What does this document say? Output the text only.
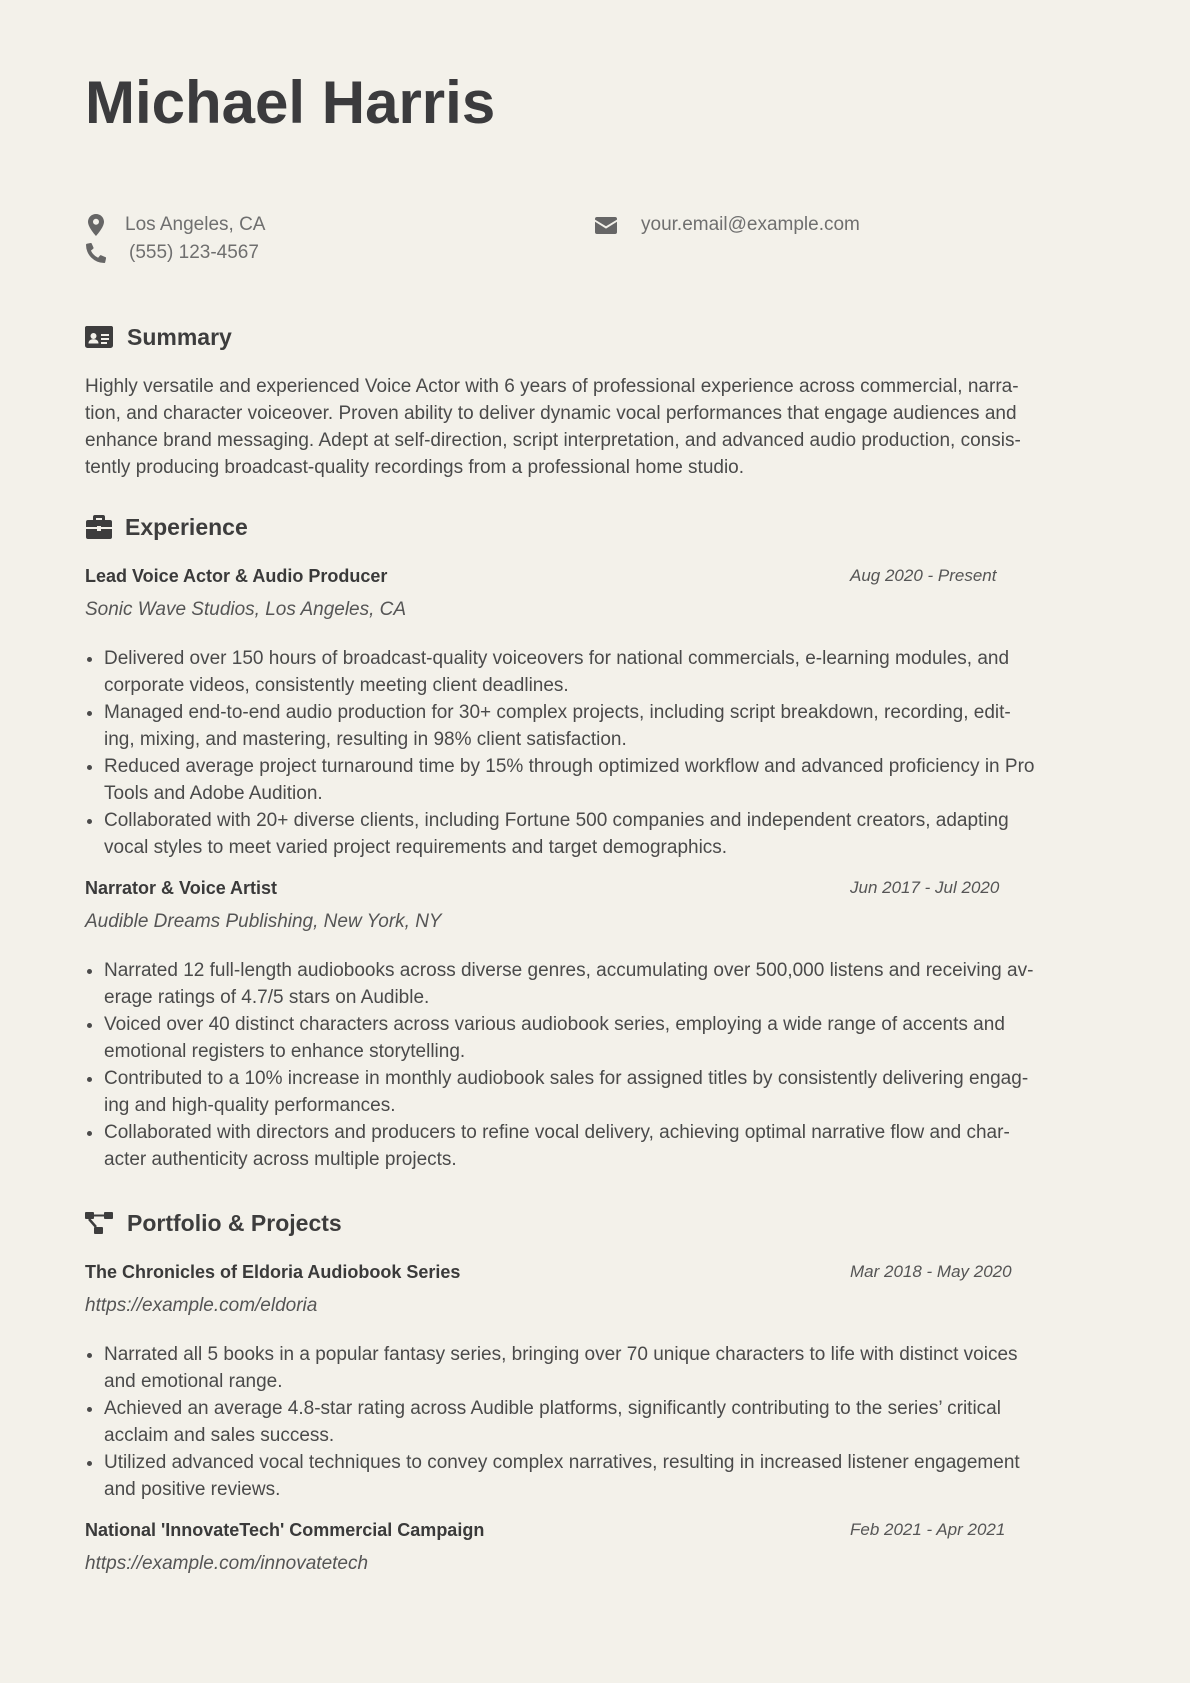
Michael Harris
Los Angeles, CA
(555) 123-4567
your.email@example.com
Summary
Highly versatile and experienced Voice Actor with 6 years of professional experience across commercial, narra-
tion, and character voiceover. Proven ability to deliver dynamic vocal performances that engage audiences and
enhance brand messaging. Adept at self-direction, script interpretation, and advanced audio production, consis-
tently producing broadcast-quality recordings from a professional home studio.
Experience
Lead Voice Actor & Audio Producer	Aug 2020 - Present
Sonic Wave Studios, Los Angeles, CA
Delivered over 150 hours of broadcast-quality voiceovers for national commercials, e-learning modules, and
corporate videos, consistently meeting client deadlines.
Managed end-to-end audio production for 30+ complex projects, including script breakdown, recording, edit-
ing, mixing, and mastering, resulting in 98% client satisfaction.
Reduced average project turnaround time by 15% through optimized workflow and advanced proficiency in Pro
Tools and Adobe Audition.
Collaborated with 20+ diverse clients, including Fortune 500 companies and independent creators, adapting
vocal styles to meet varied project requirements and target demographics.
Narrator & Voice Artist	Jun 2017 - Jul 2020
Audible Dreams Publishing, New York, NY
Narrated 12 full-length audiobooks across diverse genres, accumulating over 500,000 listens and receiving av-
erage ratings of 4.7/5 stars on Audible.
Voiced over 40 distinct characters across various audiobook series, employing a wide range of accents and
emotional registers to enhance storytelling.
Contributed to a 10% increase in monthly audiobook sales for assigned titles by consistently delivering engag-
ing and high-quality performances.
Collaborated with directors and producers to refine vocal delivery, achieving optimal narrative flow and char-
acter authenticity across multiple projects.
Portfolio & Projects
The Chronicles of Eldoria Audiobook Series	Mar 2018 - May 2020
https://example.com/eldoria
Narrated all 5 books in a popular fantasy series, bringing over 70 unique characters to life with distinct voices
and emotional range.
Achieved an average 4.8-star rating across Audible platforms, significantly contributing to the series’ critical
acclaim and sales success.
Utilized advanced vocal techniques to convey complex narratives, resulting in increased listener engagement
and positive reviews.
National 'InnovateTech' Commercial Campaign	Feb 2021 - Apr 2021
https://example.com/innovatetech
